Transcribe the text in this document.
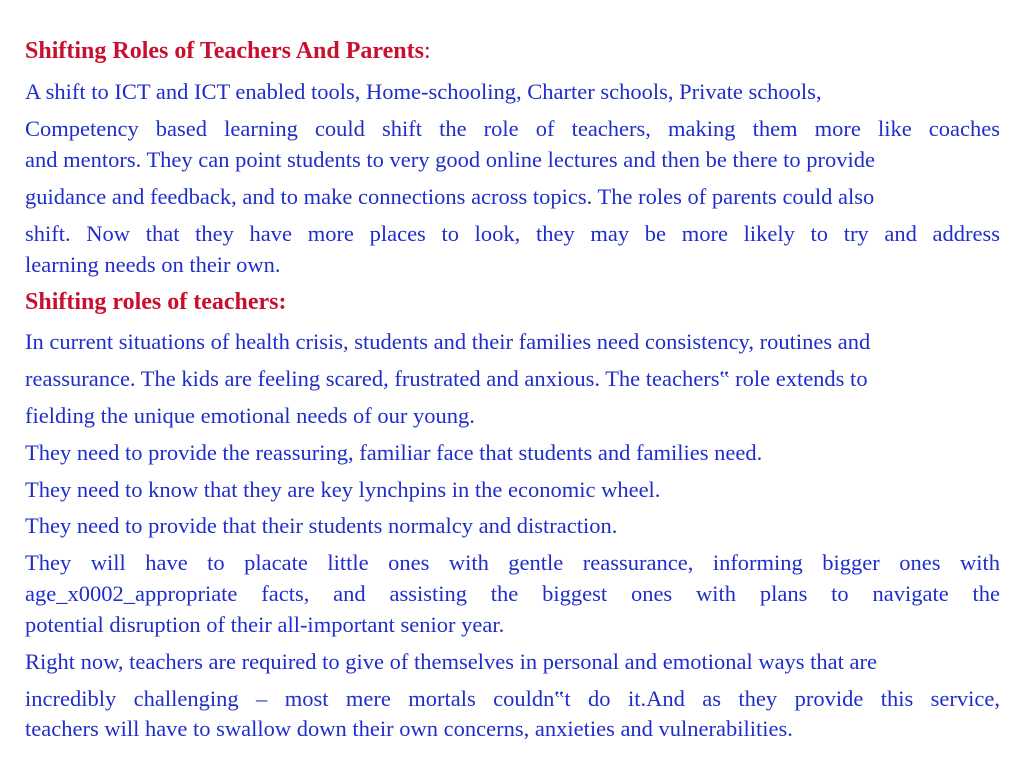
Shifting Roles of Teachers And Parents:
A shift to ICT and ICT enabled tools, Home-schooling, Charter schools, Private schools,
Competency based learning could shift the role of teachers, making them more like coaches
and mentors. They can point students to very good online lectures and then be there to provide
guidance and feedback, and to make connections across topics. The roles of parents could also
shift. Now that they have more places to look, they may be more likely to try and address
learning needs on their own.
Shifting roles of teachers:
In current situations of health crisis, students and their families need consistency, routines and
reassurance. The kids are feeling scared, frustrated and anxious. The teachers‟ role extends to
fielding the unique emotional needs of our young.
They need to provide the reassuring, familiar face that students and families need.
They need to know that they are key lynchpins in the economic wheel.
They need to provide that their students normalcy and distraction.
They will have to placate little ones with gentle reassurance, informing bigger ones with
age_x0002_appropriate facts, and assisting the biggest ones with plans to navigate the
potential disruption of their all-important senior year.
Right now, teachers are required to give of themselves in personal and emotional ways that are
incredibly challenging – most mere mortals couldn‟t do it.And as they provide this service,
teachers will have to swallow down their own concerns, anxieties and vulnerabilities.
